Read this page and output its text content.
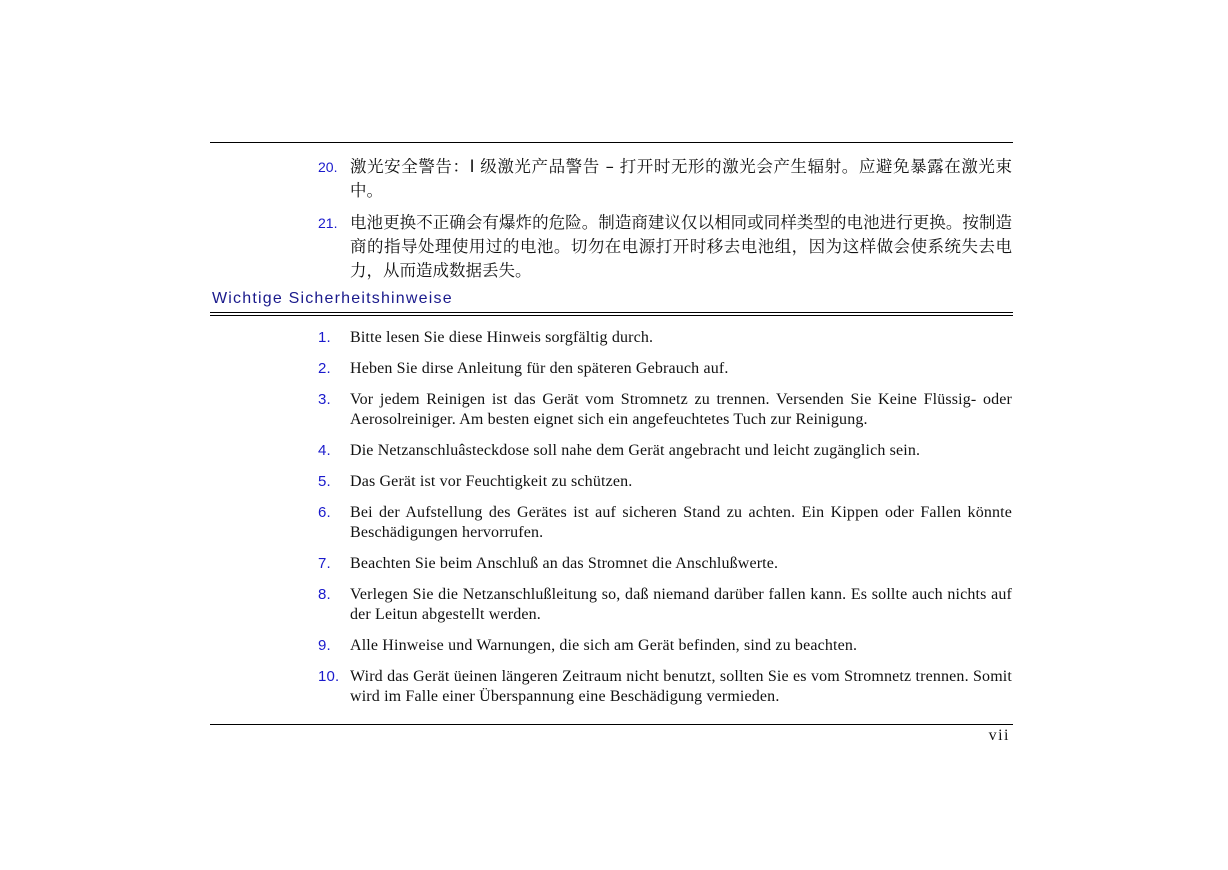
20. 激光安全警告：I 级激光产品警告 – 打开时无形的激光会产生辐射。应避免暴露在激光束中。
21. 电池更换不正确会有爆炸的危险。制造商建议仅以相同或同样类型的电池进行更换。按制造商的指导处理使用过的电池。切勿在电源打开时移去电池组，因为这样做会使系统失去电力，从而造成数据丢失。
Wichtige Sicherheitshinweise
1. Bitte lesen Sie diese Hinweis sorgfältig durch.
2. Heben Sie dirse Anleitung für den späteren Gebrauch auf.
3. Vor jedem Reinigen ist das Gerät vom Stromnetz zu trennen. Versenden Sie Keine Flüssig- oder Aerosolreiniger. Am besten eignet sich ein angefeuchtetes Tuch zur Reinigung.
4. Die Netzanschluâsteckdose soll nahe dem Gerät angebracht und leicht zugänglich sein.
5. Das Gerät ist vor Feuchtigkeit zu schützen.
6. Bei der Aufstellung des Gerätes ist auf sicheren Stand zu achten. Ein Kippen oder Fallen könnte Beschädigungen hervorrufen.
7. Beachten Sie beim Anschluß an das Stromnet die Anschlußwerte.
8. Verlegen Sie die Netzanschlußleitung so, daß niemand darüber fallen kann. Es sollte auch nichts auf der Leitun abgestellt werden.
9. Alle Hinweise und Warnungen, die sich am Gerät befinden, sind zu beachten.
10. Wird das Gerät üeinen längeren Zeitraum nicht benutzt, sollten Sie es vom Stromnetz trennen. Somit wird im Falle einer Überspannung eine Beschädigung vermieden.
vii
